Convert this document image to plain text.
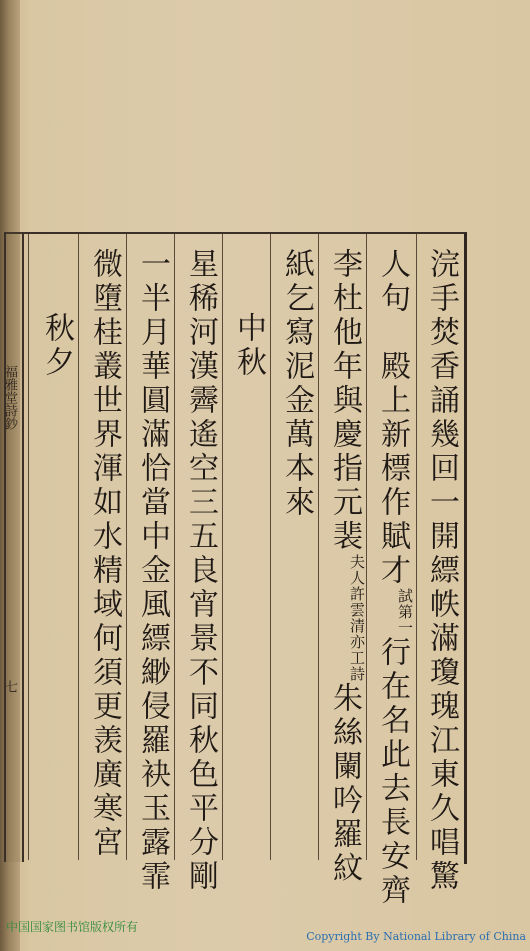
福雅堂詩鈔
七	浣手焚香誦幾回一開縹帙滿瓊瑰江東久唱驚
人句　殿上新標作賦才試第一行在名此去長安齊
李杜他年與慶指元裴夫人許雲清亦工詩朱絲闌吟羅紋
紙乞寫泥金萬本來
中秋
星稀河漢霽遙空三五良宵景不同秋色平分剛
一半月華圓滿恰當中金風縹緲侵羅袂玉露霏
微墮桂叢世界渾如水精域何須更羡廣寒宮
秋夕
中国国家图书馆版权所有
Copyright By National Library of China
